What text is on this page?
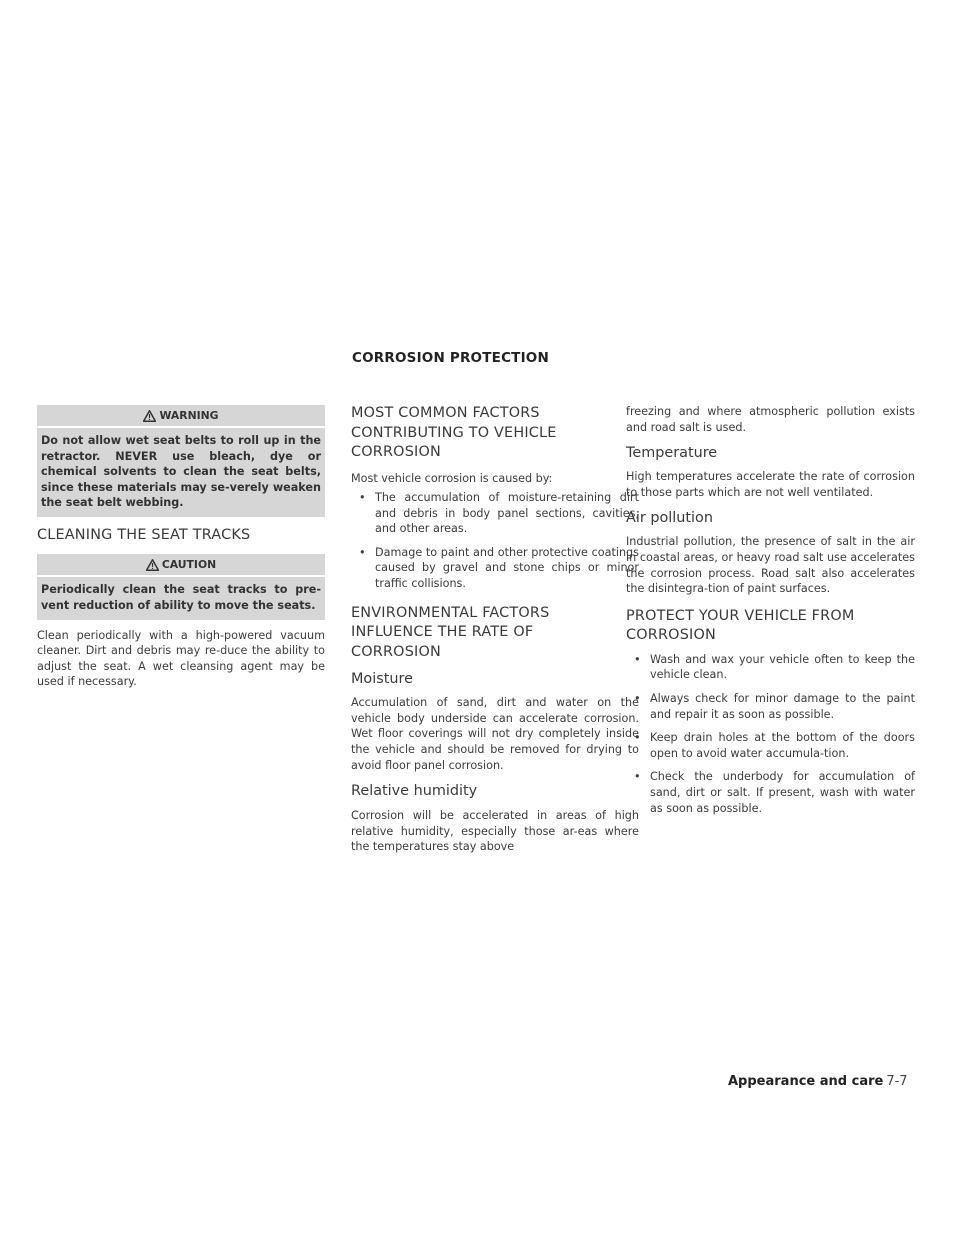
CORROSION PROTECTION
WARNING
Do not allow wet seat belts to roll up in the retractor. NEVER use bleach, dye or chemical solvents to clean the seat belts, since these materials may se-verely weaken the seat belt webbing.
CLEANING THE SEAT TRACKS
CAUTION
Periodically clean the seat tracks to pre-vent reduction of ability to move the seats.

Clean periodically with a high-powered vacuum cleaner. Dirt and debris may re-duce the ability to adjust the seat. A wet cleansing agent may be used if necessary.

MOST COMMON FACTORS
CONTRIBUTING TO VEHICLE
CORROSION

Most vehicle corrosion is caused by:

• The accumulation of moisture-retaining dirt and debris in body panel sections, cavities, and other areas.
• Damage to paint and other protective coatings caused by gravel and stone chips or minor traffic collisions.
ENVIRONMENTAL FACTORS
INFLUENCE THE RATE OF
CORROSION
Moisture

Accumulation of sand, dirt and water on the vehicle body underside can accelerate corrosion. Wet floor coverings will not dry completely inside the vehicle and should be removed for drying to avoid floor panel corrosion.

Relative humidity

Corrosion will be accelerated in areas of high relative humidity, especially those ar-eas where the temperatures stay above

freezing and where atmospheric pollution exists and road salt is used.

Temperature

High temperatures accelerate the rate of corrosion to those parts which are not well ventilated.

Air pollution

Industrial pollution, the presence of salt in the air in coastal areas, or heavy road salt use accelerates the corrosion process. Road salt also accelerates the disintegra-tion of paint surfaces.

PROTECT YOUR VEHICLE FROM
CORROSION
• Wash and wax your vehicle often to keep the vehicle clean.
• Always check for minor damage to the paint and repair it as soon as possible.
• Keep drain holes at the bottom of the doors open to avoid water accumula-tion.
• Check the underbody for accumulation of sand, dirt or salt. If present, wash with water as soon as possible.
Appearance and care 7-7
